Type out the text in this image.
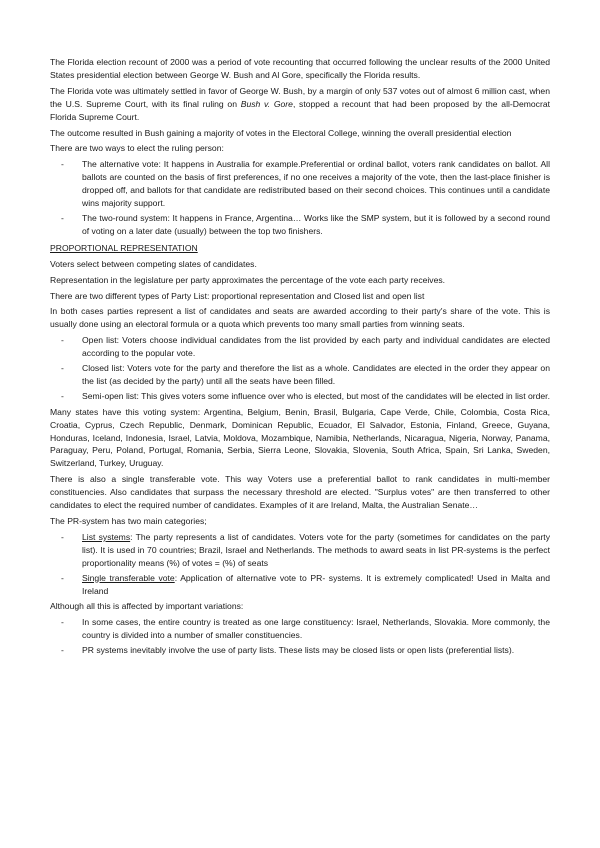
The Florida election recount of 2000 was a period of vote recounting that occurred following the unclear results of the 2000 United States presidential election between George W. Bush and Al Gore, specifically the Florida results.

The Florida vote was ultimately settled in favor of George W. Bush, by a margin of only 537 votes out of almost 6 million cast, when the U.S. Supreme Court, with its final ruling on Bush v. Gore, stopped a recount that had been proposed by the all-Democrat Florida Supreme Court.

The outcome resulted in Bush gaining a majority of votes in the Electoral College, winning the overall presidential election

There are two ways to elect the ruling person:

- The alternative vote: It happens in Australia for example.Preferential or ordinal ballot, voters rank candidates on ballot. All ballots are counted on the basis of first preferences, if no one receives a majority of the vote, then the last-place finisher is dropped off, and ballots for that candidate are redistributed based on their second choices. This continues until a candidate wins majority support.
- The two-round system: It happens in France, Argentina… Works like the SMP system, but it is followed by a second round of voting on a later date (usually) between the top two finishers.

PROPORTIONAL REPRESENTATION

Voters select between competing slates of candidates.

Representation in the legislature per party approximates the percentage of the vote each party receives.

There are two different types of Party List: proportional representation and Closed list and open list

In both cases parties represent a list of candidates and seats are awarded according to their party's share of the vote. This is usually done using an electoral formula or a quota which prevents too many small parties from winning seats.

- Open list: Voters choose individual candidates from the list provided by each party and individual candidates are elected according to the popular vote.
- Closed list: Voters vote for the party and therefore the list as a whole. Candidates are elected in the order they appear on the list (as decided by the party) until all the seats have been filled.
- Semi-open list: This gives voters some influence over who is elected, but most of the candidates will be elected in list order.

Many states have this voting system: Argentina, Belgium, Benin, Brasil, Bulgaria, Cape Verde, Chile, Colombia, Costa Rica, Croatia, Cyprus, Czech Republic, Denmark, Dominican Republic, Ecuador, El Salvador, Estonia, Finland, Greece, Guyana, Honduras, Iceland, Indonesia, Israel, Latvia, Moldova, Mozambique, Namibia, Netherlands, Nicaragua, Nigeria, Norway, Panama, Paraguay, Peru, Poland, Portugal, Romania, Serbia, Sierra Leone, Slovakia, Slovenia, South Africa, Spain, Sri Lanka, Sweden, Switzerland, Turkey, Uruguay.

There is also a single transferable vote. This way Voters use a preferential ballot to rank candidates in multi-member constituencies. Also candidates that surpass the necessary threshold are elected. "Surplus votes" are then transferred to other candidates to elect the required number of candidates. Examples of it are Ireland, Malta, the Australian Senate…

The PR-system has two main categories;

- List systems: The party represents a list of candidates. Voters vote for the party (sometimes for candidates on the party list). It is used in 70 countries; Brazil, Israel and Netherlands. The methods to award seats in list PR-systems is the perfect proportionality means (%) of votes = (%) of seats
- Single transferable vote: Application of alternative vote to PR- systems. It is extremely complicated! Used in Malta and Ireland

Although all this is affected by important variations:

- In some cases, the entire country is treated as one large constituency: Israel, Netherlands, Slovakia. More commonly, the country is divided into a number of smaller constituencies.
- PR systems inevitably involve the use of party lists. These lists may be closed lists or open lists (preferential lists).
